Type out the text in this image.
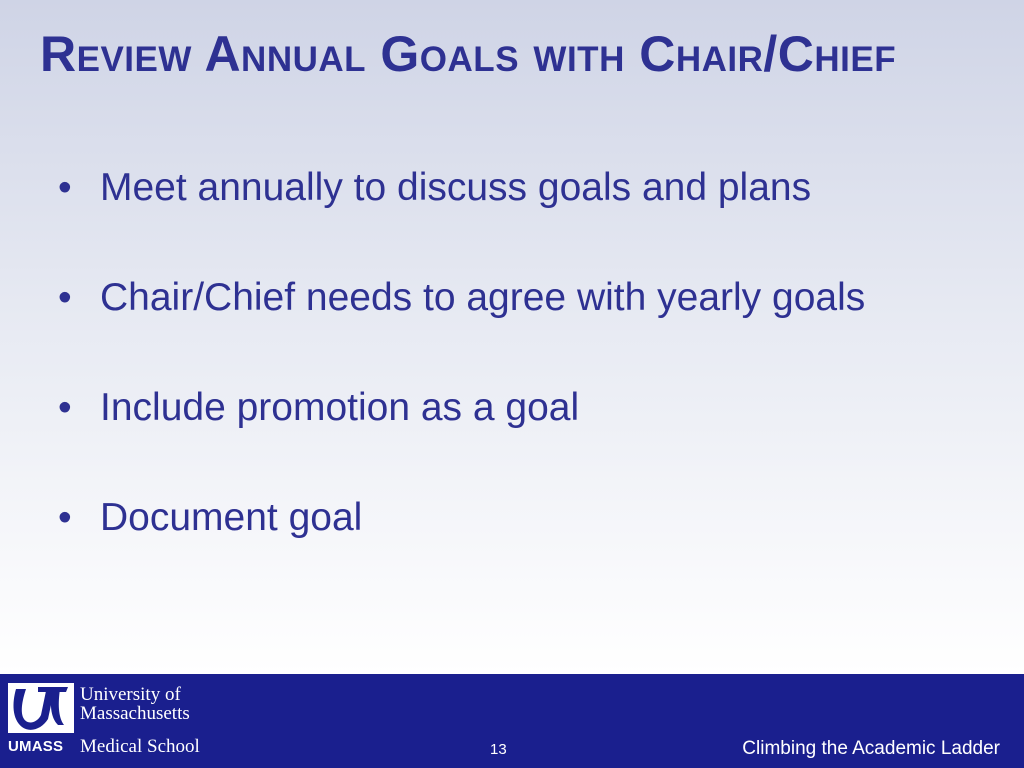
Review Annual Goals with Chair/Chief
• Meet annually to discuss goals and plans
• Chair/Chief needs to agree with yearly goals
• Include promotion as a goal
• Document goal
UMASS
University of
Massachusetts
Medical School	13	Climbing the Academic Ladder
